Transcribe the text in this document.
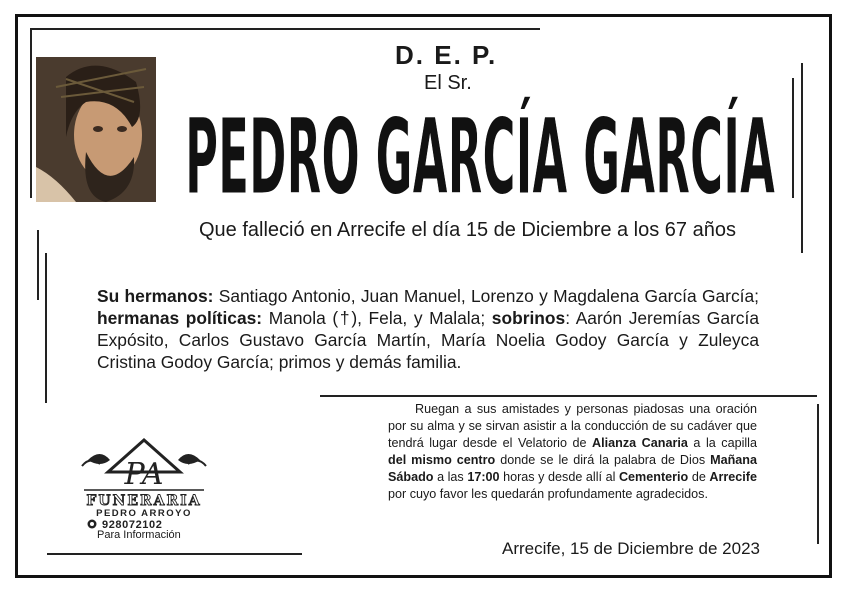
D. E. P.
El Sr.
PEDRO GARCÍA GARCÍA
Que falleció en Arrecife el día 15 de Diciembre a los 67 años
Su hermanos: Santiago Antonio, Juan Manuel, Lorenzo y Magdalena García García; hermanas políticas: Manola (†), Fela, y Malala; sobrinos: Aarón Jeremías García Expósito, Carlos Gustavo García Martín, María Noelia Godoy García y Zuleyca Cristina Godoy García; primos y demás familia.
Ruegan a sus amistades y personas piadosas una oración por su alma y se sirvan asistir a la conducción de su cadáver que tendrá lugar desde el Velatorio de Alianza Canaria a la capilla del mismo centro donde se le dirá la palabra de Dios Mañana Sábado a las 17:00 horas y desde allí al Cementerio de Arrecife por cuyo favor les quedarán profundamente agradecidos.
Arrecife, 15 de Diciembre de 2023
PA
FUNERARIA
PEDRO ARROYO
928072102
Para Información
